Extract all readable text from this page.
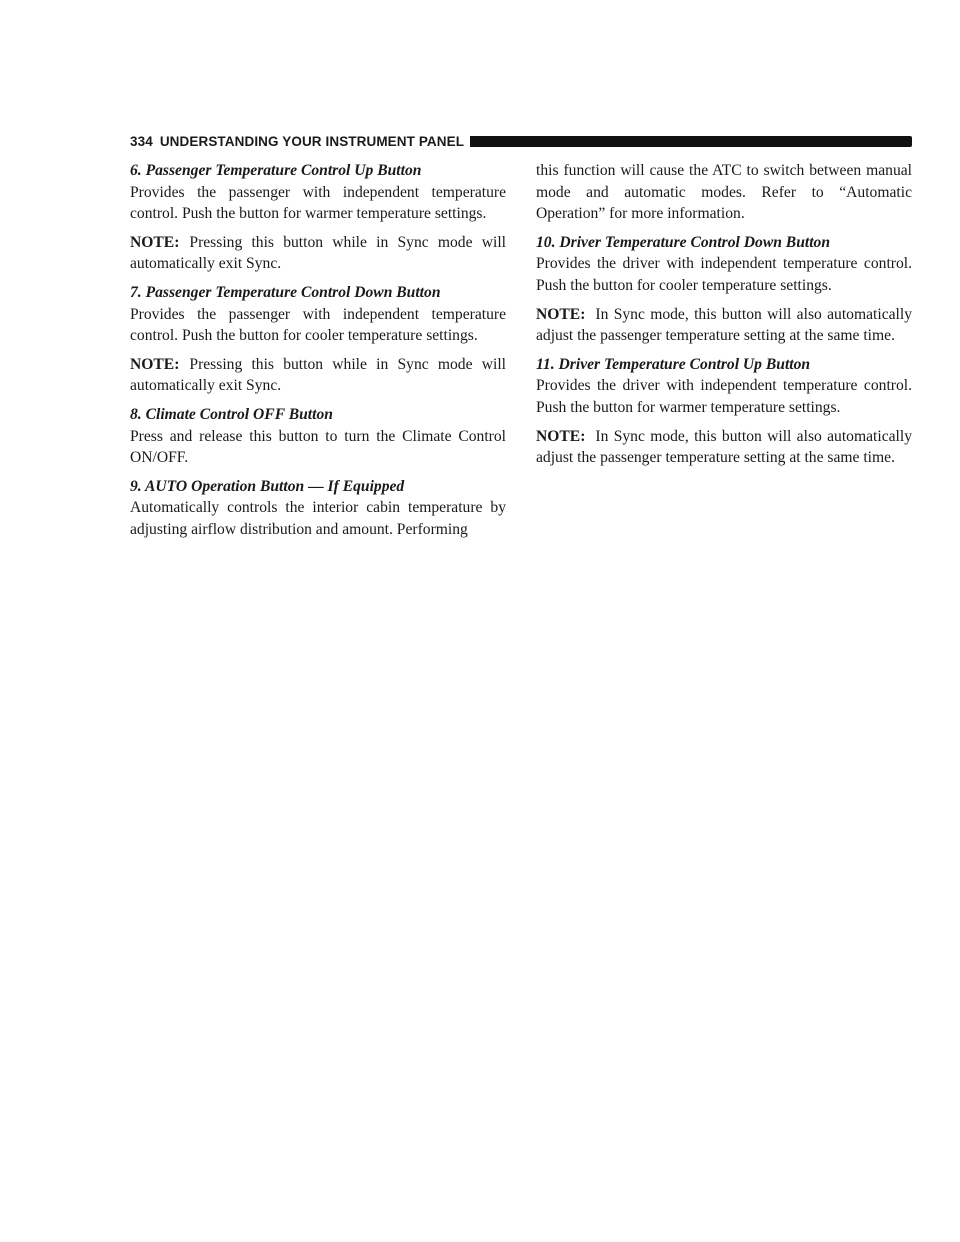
334 UNDERSTANDING YOUR INSTRUMENT PANEL

6. Passenger Temperature Control Up Button

Provides the passenger with independent temperature control. Push the button for warmer temperature settings.

NOTE: Pressing this button while in Sync mode will automatically exit Sync.

7. Passenger Temperature Control Down Button

Provides the passenger with independent temperature control. Push the button for cooler temperature settings.

NOTE: Pressing this button while in Sync mode will automatically exit Sync.

8. Climate Control OFF Button

Press and release this button to turn the Climate Control ON/OFF.

9. AUTO Operation Button — If Equipped

Automatically controls the interior cabin temperature by adjusting airflow distribution and amount. Performing

this function will cause the ATC to switch between manual mode and automatic modes. Refer to “Automatic Operation” for more information.

10. Driver Temperature Control Down Button

Provides the driver with independent temperature control. Push the button for cooler temperature settings.

NOTE: In Sync mode, this button will also automatically adjust the passenger temperature setting at the same time.

11. Driver Temperature Control Up Button

Provides the driver with independent temperature control. Push the button for warmer temperature settings.

NOTE: In Sync mode, this button will also automatically adjust the passenger temperature setting at the same time.
